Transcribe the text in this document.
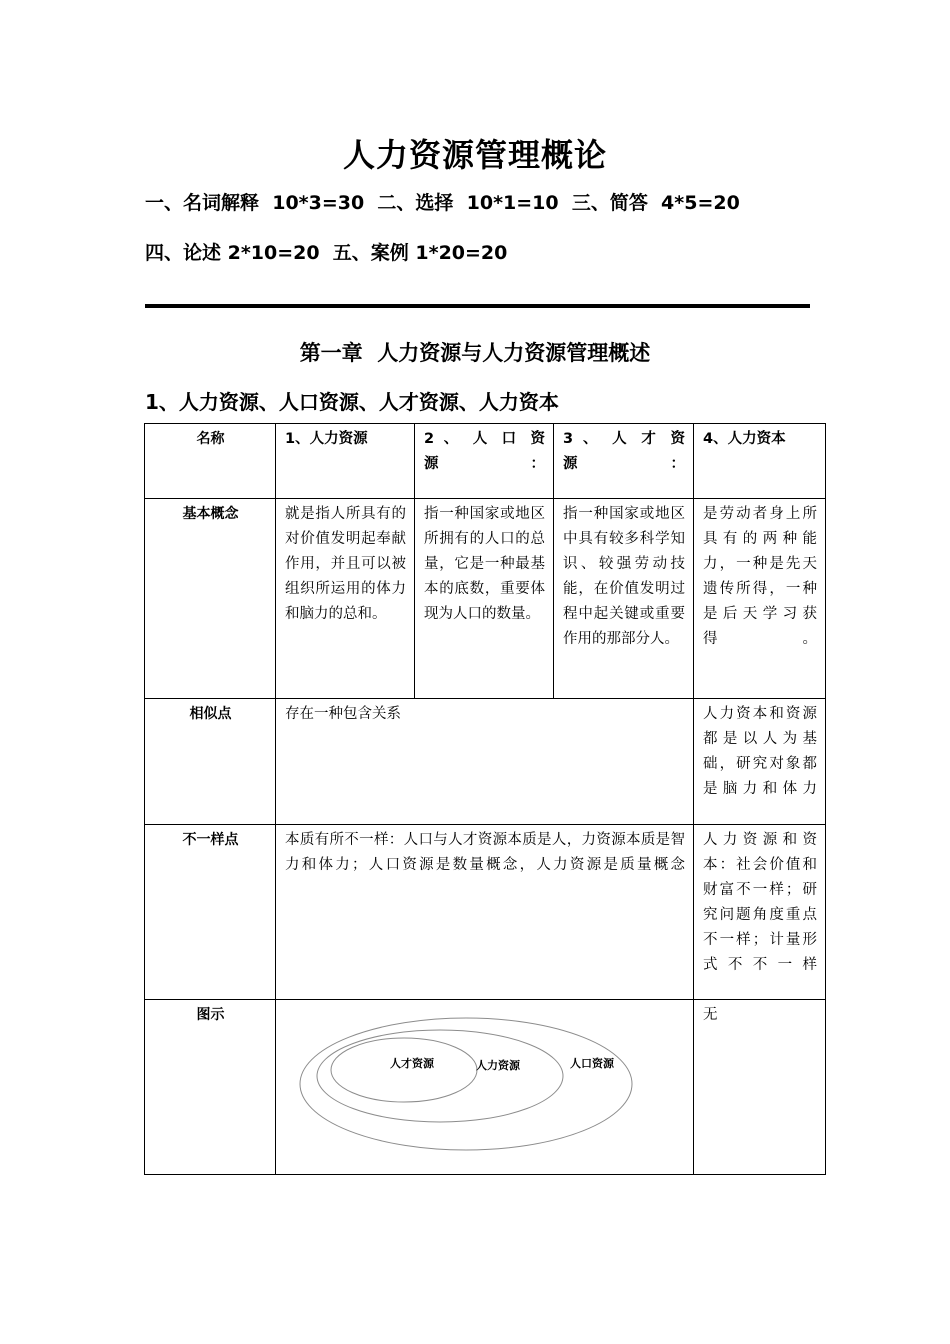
人力资源管理概论
一、名词解释  10*3=30  二、选择  10*1=10  三、简答  4*5=20
四、论述 2*10=20  五、案例 1*20=20
第一章  人力资源与人力资源管理概述
1、人力资源、人口资源、人才资源、人力资本
名称	1、人力资源	2 、 人 口 资 源：	3 、 人 才 资 源：	4、人力资本
基本概念	就是指人所具有的对价值发明起奉献作用，并且可以被组织所运用的体力和脑力的总和。	指一种国家或地区所拥有的人口的总量，它是一种最基本的底数，重要体现为人口的数量。	指一种国家或地区中具有较多科学知识、较强劳动技能，在价值发明过程中起关键或重要作用的那部分人。	是劳动者身上所具有的两种能力，一种是先天遗传所得，一种是后天学习获得。
相似点	存在一种包含关系			人力资本和资源都是以人为基础，研究对象都是脑力和体力
不一样点	本质有所不一样：人口与人才资源本质是人，力资源本质是智力和体力；人口资源是数量概念，人力资源是质量概念			人力资源和资本：社会价值和财富不一样；研究问题角度重点不一样；计量形式不不一样
图示	人才资源 人力资源 人口资源			无
